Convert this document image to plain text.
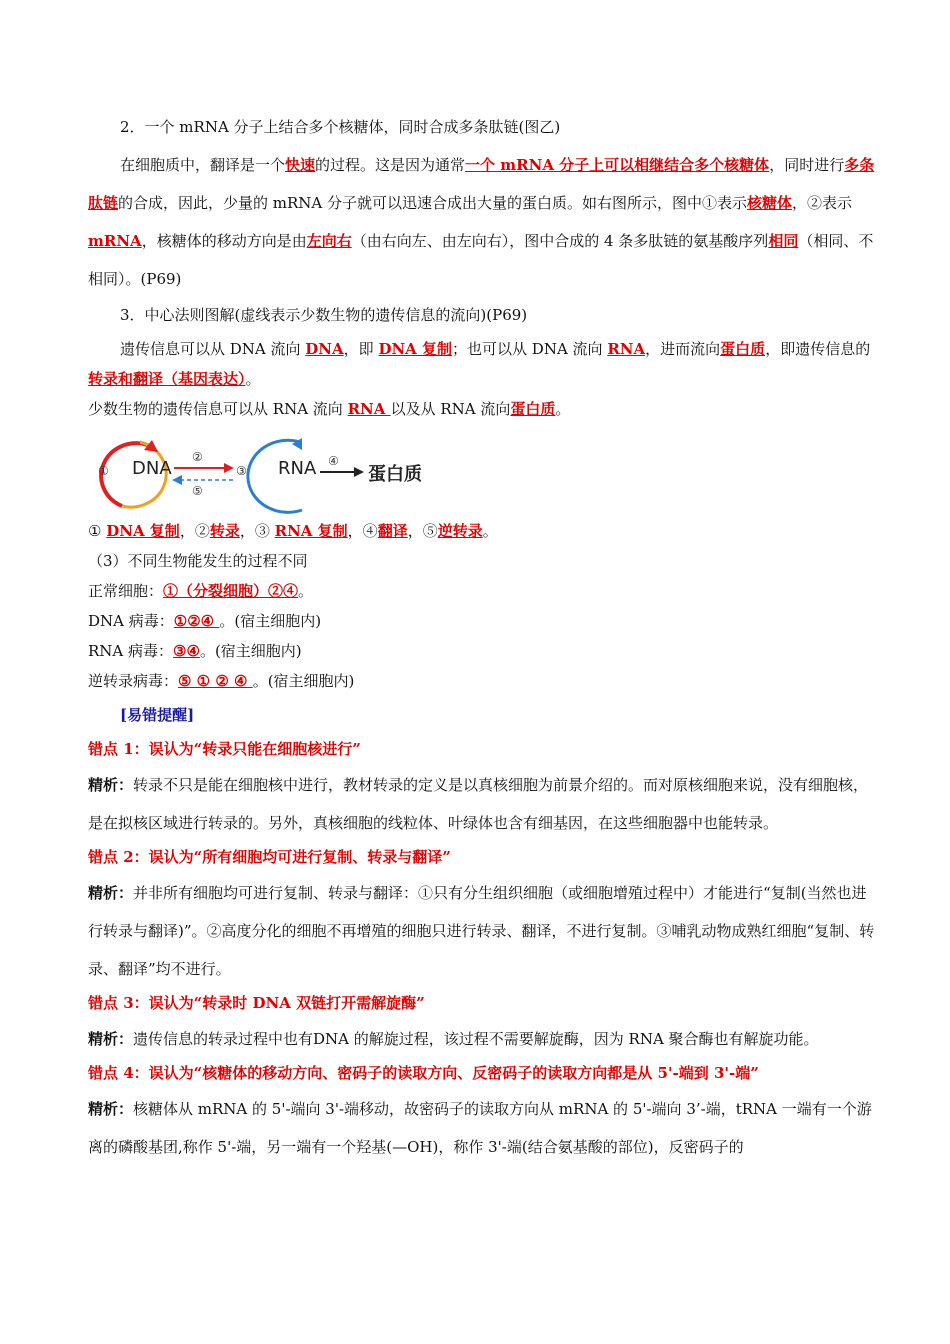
2．一个 mRNA 分子上结合多个核糖体，同时合成多条肽链(图乙)

在细胞质中，翻译是一个快速的过程。这是因为通常一个 mRNA 分子上可以相继结合多个核糖体，同时进行多条肽链的合成，因此，少量的 mRNA 分子就可以迅速合成出大量的蛋白质。如右图所示，图中①表示核糖体，②表示 mRNA，核糖体的移动方向是由左向右（由右向左、由左向右），图中合成的 4 条多肽链的氨基酸序列相同（相同、不相同）。(P69)

3．中心法则图解(虚线表示少数生物的遗传信息的流向)(P69)

遗传信息可以从 DNA 流向 DNA，即 DNA 复制；也可以从 DNA 流向 RNA，进而流向蛋白质，即遗传信息的转录和翻译（基因表达）。

少数生物的遗传信息可以从 RNA 流向 RNA 以及从 RNA 流向蛋白质。

DNA	RNA	蛋白质
①
②
③
④
⑤

① DNA 复制，②转录，③ RNA 复制，④翻译，⑤逆转录。

（3）不同生物能发生的过程不同

正常细胞：①（分裂细胞）②④。

DNA 病毒：①②④ 。(宿主细胞内)

RNA 病毒：③④。(宿主细胞内)

逆转录病毒：⑤ ① ② ④ 。(宿主细胞内)

[易错提醒]

错点 1：误认为“转录只能在细胞核进行”

精析：转录不只是能在细胞核中进行，教材转录的定义是以真核细胞为前景介绍的。而对原核细胞来说，没有细胞核，是在拟核区域进行转录的。另外，真核细胞的线粒体、叶绿体也含有细基因，在这些细胞器中也能转录。

错点 2：误认为“所有细胞均可进行复制、转录与翻译”

精析：并非所有细胞均可进行复制、转录与翻译：①只有分生组织细胞（或细胞增殖过程中）才能进行“复制(当然也进行转录与翻译)”。②高度分化的细胞不再增殖的细胞只进行转录、翻译，不进行复制。③哺乳动物成熟红细胞“复制、转录、翻译”均不进行。

错点 3：误认为“转录时 DNA 双链打开需解旋酶”

精析：遗传信息的转录过程中也有DNA 的解旋过程，该过程不需要解旋酶，因为 RNA 聚合酶也有解旋功能。

错点 4：误认为“核糖体的移动方向、密码子的读取方向、反密码子的读取方向都是从 5'-端到 3'-端”

精析：核糖体从 mRNA 的 5'-端向 3'-端移动，故密码子的读取方向从 mRNA 的 5'-端向 3’-端，tRNA 一端有一个游离的磷酸基团,称作 5'-端，另一端有一个羟基(—OH)，称作 3'-端(结合氨基酸的部位)，反密码子的
